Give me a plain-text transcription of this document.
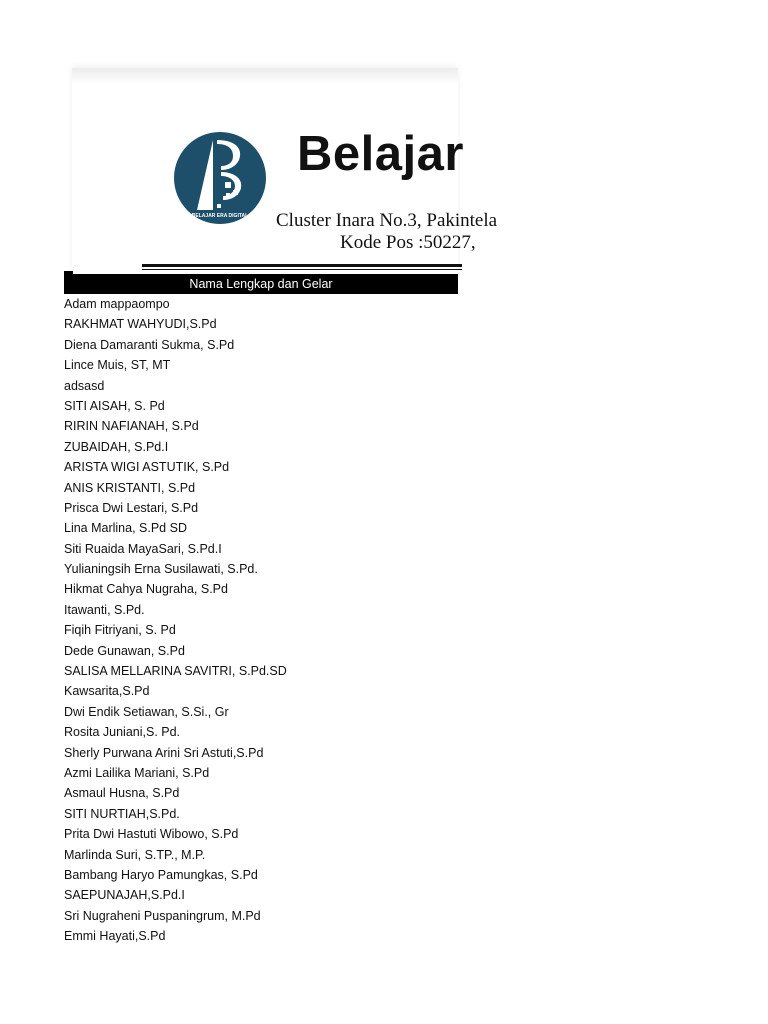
BELAJAR ERA DIGITAL
Belajar
Cluster Inara No.3, Pakintela
Kode Pos :50227,
Nama Lengkap dan Gelar
Adam mappaompo
RAKHMAT WAHYUDI,S.Pd
Diena Damaranti Sukma, S.Pd
Lince Muis, ST, MT
adsasd
SITI AISAH, S. Pd
RIRIN NAFIANAH, S.Pd
ZUBAIDAH, S.Pd.I
ARISTA WIGI ASTUTIK, S.Pd
ANIS KRISTANTI, S.Pd
Prisca Dwi Lestari, S.Pd
Lina Marlina, S.Pd SD
Siti Ruaida MayaSari, S.Pd.I
Yulianingsih Erna Susilawati, S.Pd.
Hikmat Cahya Nugraha, S.Pd
Itawanti, S.Pd.
Fiqih Fitriyani, S. Pd
Dede Gunawan, S.Pd
SALISA MELLARINA SAVITRI, S.Pd.SD
Kawsarita,S.Pd
Dwi Endik Setiawan, S.Si., Gr
Rosita Juniani,S. Pd.
Sherly Purwana Arini Sri Astuti,S.Pd
Azmi Lailika Mariani, S.Pd
Asmaul Husna, S.Pd
SITI NURTIAH,S.Pd.
Prita Dwi Hastuti Wibowo, S.Pd
Marlinda Suri, S.TP., M.P.
Bambang Haryo Pamungkas, S.Pd
SAEPUNAJAH,S.Pd.I
Sri Nugraheni Puspaningrum, M.Pd
Emmi Hayati,S.Pd
